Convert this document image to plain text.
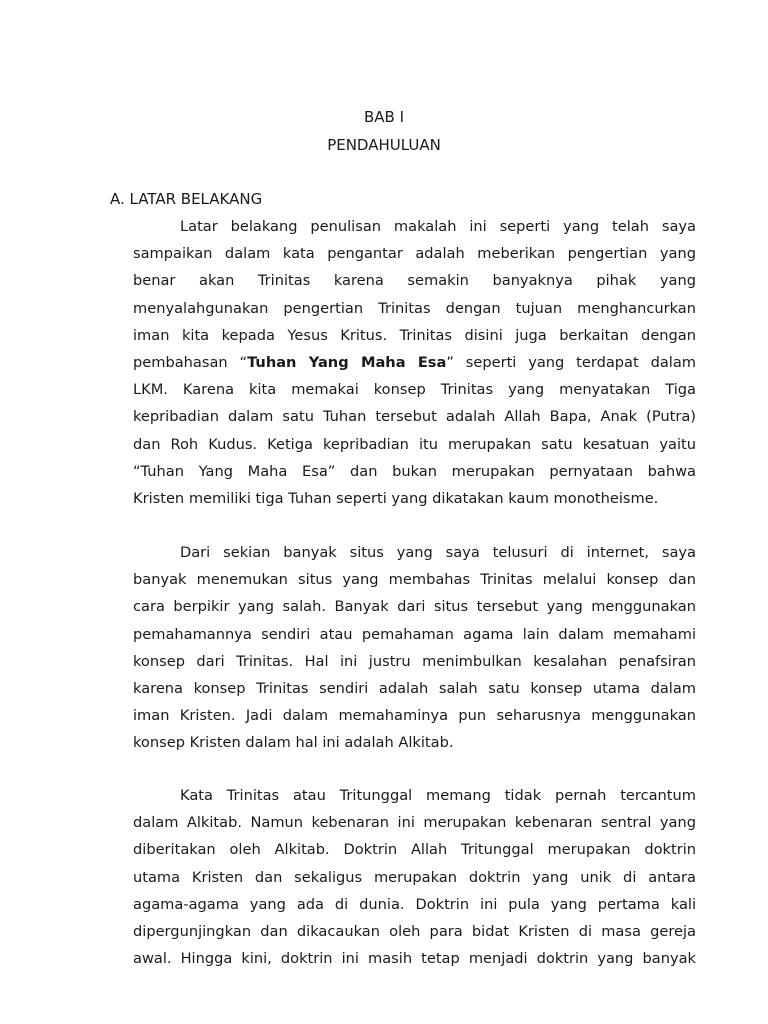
BAB I
PENDAHULUAN
A. LATAR BELAKANG
Latar belakang penulisan makalah ini seperti yang telah saya
sampaikan dalam kata pengantar adalah meberikan pengertian yang
benar akan Trinitas karena semakin banyaknya pihak yang
menyalahgunakan pengertian Trinitas dengan tujuan menghancurkan
iman kita kepada Yesus Kritus. Trinitas disini juga berkaitan dengan
pembahasan “Tuhan Yang Maha Esa” seperti yang terdapat dalam
LKM. Karena kita memakai konsep Trinitas yang menyatakan Tiga
kepribadian dalam satu Tuhan tersebut adalah Allah Bapa, Anak (Putra)
dan Roh Kudus. Ketiga kepribadian itu merupakan satu kesatuan yaitu
“Tuhan Yang Maha Esa” dan bukan merupakan pernyataan bahwa
Kristen memiliki tiga Tuhan seperti yang dikatakan kaum monotheisme.
Dari sekian banyak situs yang saya telusuri di internet, saya
banyak menemukan situs yang membahas Trinitas melalui konsep dan
cara berpikir yang salah. Banyak dari situs tersebut yang menggunakan
pemahamannya sendiri atau pemahaman agama lain dalam memahami
konsep dari Trinitas. Hal ini justru menimbulkan kesalahan penafsiran
karena konsep Trinitas sendiri adalah salah satu konsep utama dalam
iman Kristen. Jadi dalam memahaminya pun seharusnya menggunakan
konsep Kristen dalam hal ini adalah Alkitab.
Kata Trinitas atau Tritunggal memang tidak pernah tercantum
dalam Alkitab. Namun kebenaran ini merupakan kebenaran sentral yang
diberitakan oleh Alkitab. Doktrin Allah Tritunggal merupakan doktrin
utama Kristen dan sekaligus merupakan doktrin yang unik di antara
agama-agama yang ada di dunia. Doktrin ini pula yang pertama kali
dipergunjingkan dan dikacaukan oleh para bidat Kristen di masa gereja
awal. Hingga kini, doktrin ini masih tetap menjadi doktrin yang banyak
